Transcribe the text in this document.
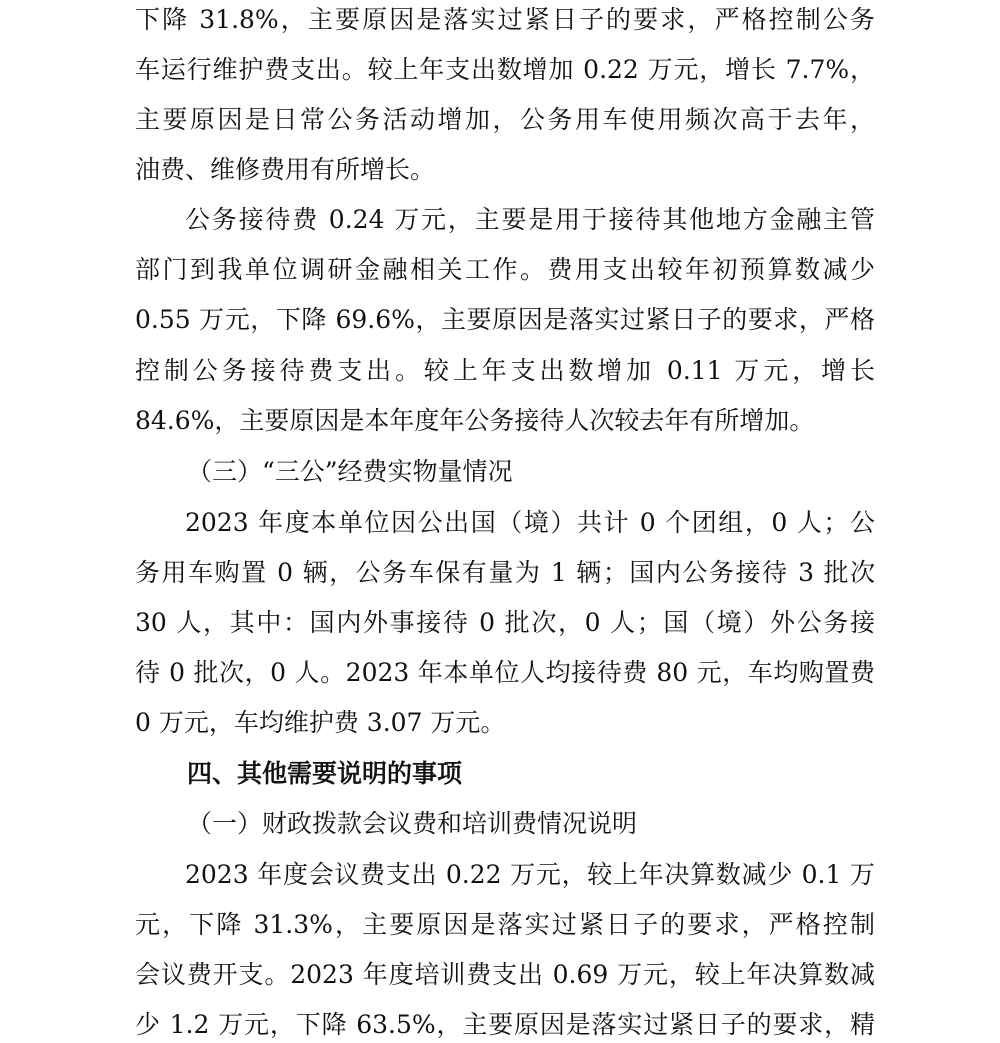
下降 31.8%，主要原因是落实过紧日子的要求，严格控制公务
车运行维护费支出。较上年支出数增加 0.22 万元，增长 7.7%，
主要原因是日常公务活动增加，公务用车使用频次高于去年，
油费、维修费用有所增长。
公务接待费 0.24 万元，主要是用于接待其他地方金融主管
部门到我单位调研金融相关工作。费用支出较年初预算数减少
0.55 万元，下降 69.6%，主要原因是落实过紧日子的要求，严格
控制公务接待费支出。较上年支出数增加 0.11 万元，增长
84.6%，主要原因是本年度年公务接待人次较去年有所增加。
（三）“三公”经费实物量情况
2023 年度本单位因公出国（境）共计 0 个团组，0 人；公
务用车购置 0 辆，公务车保有量为 1 辆；国内公务接待 3 批次
30 人，其中：国内外事接待 0 批次，0 人；国（境）外公务接
待 0 批次，0 人。2023 年本单位人均接待费 80 元，车均购置费
0 万元，车均维护费 3.07 万元。
四、其他需要说明的事项
（一）财政拨款会议费和培训费情况说明
2023 年度会议费支出 0.22 万元，较上年决算数减少 0.1 万
元，下降 31.3%，主要原因是落实过紧日子的要求，严格控制
会议费开支。2023 年度培训费支出 0.69 万元，较上年决算数减
少 1.2 万元，下降 63.5%，主要原因是落实过紧日子的要求，精
